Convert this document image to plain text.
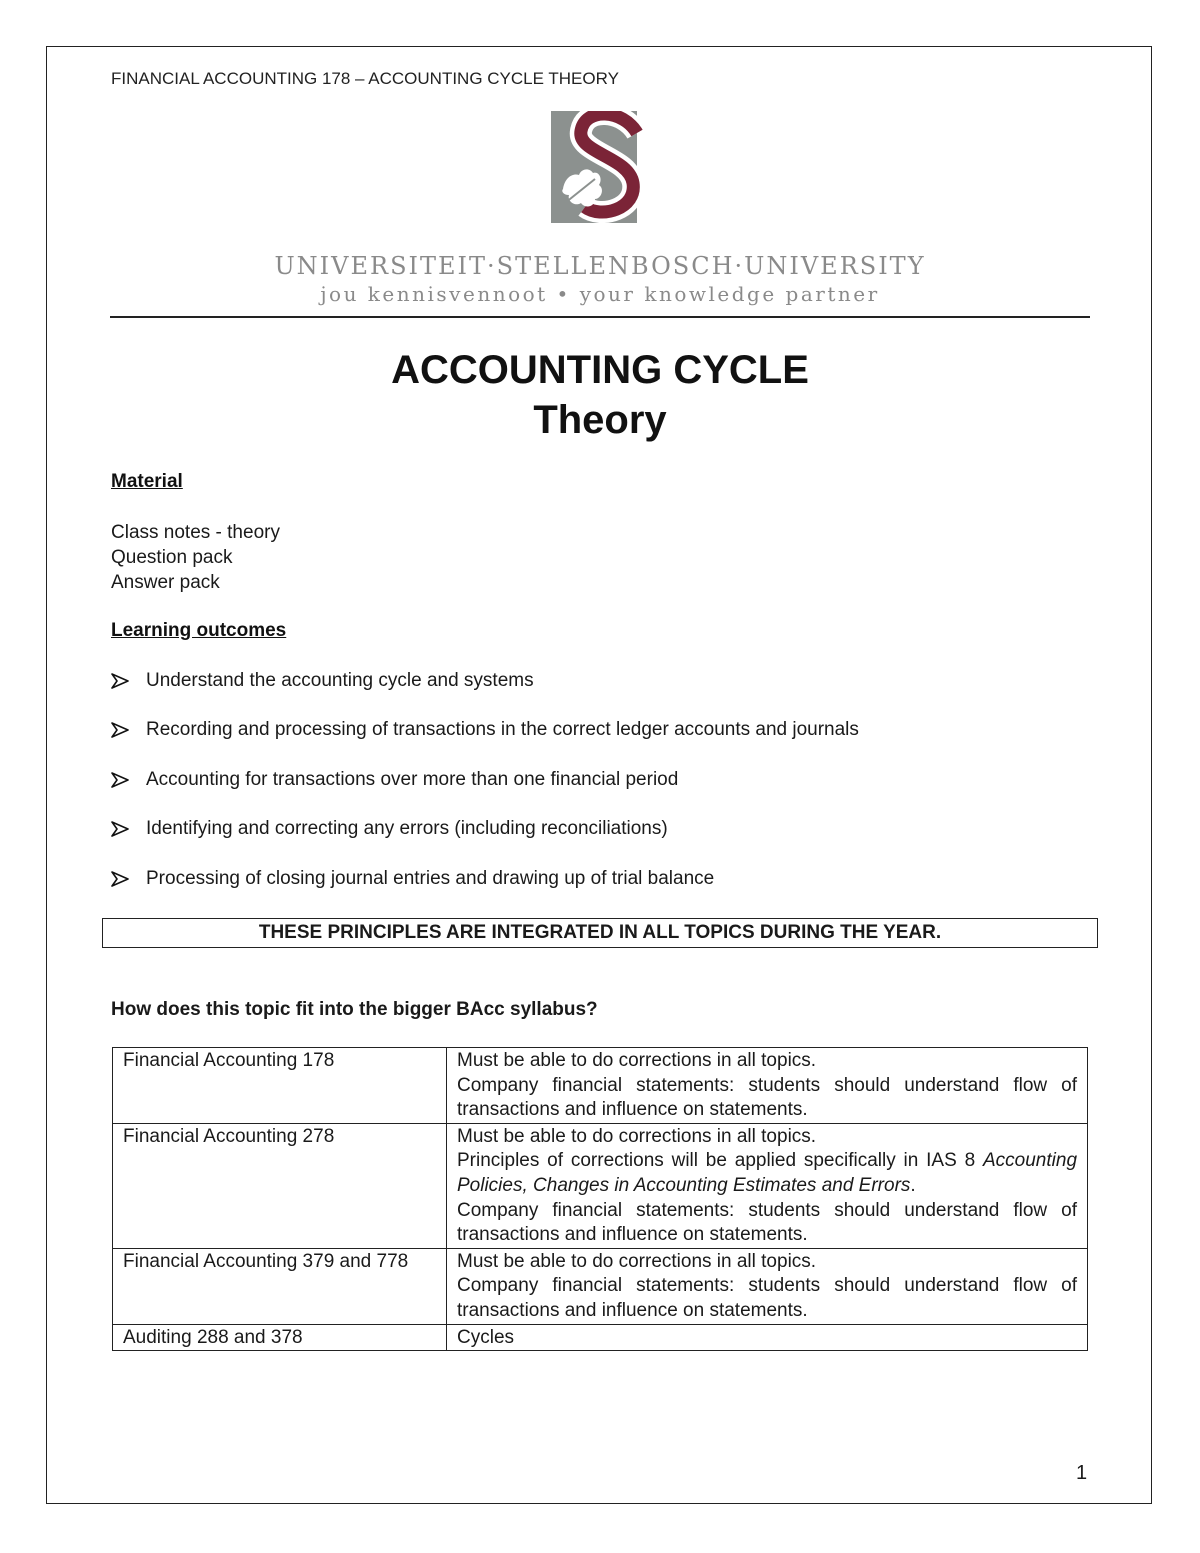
FINANCIAL ACCOUNTING 178 – ACCOUNTING CYCLE THEORY
UNIVERSITEIT·STELLENBOSCH·UNIVERSITY
jou kennisvennoot • your knowledge partner
ACCOUNTING CYCLE
Theory
Material
Class notes - theory
Question pack
Answer pack
Learning outcomes
Understand the accounting cycle and systems
Recording and processing of transactions in the correct ledger accounts and journals
Accounting for transactions over more than one financial period
Identifying and correcting any errors (including reconciliations)
Processing of closing journal entries and drawing up of trial balance
THESE PRINCIPLES ARE INTEGRATED IN ALL TOPICS DURING THE YEAR.
How does this topic fit into the bigger BAcc syllabus?
Financial Accounting 178	Must be able to do corrections in all topics.
Company financial statements: students should understand flow of transactions and influence on statements.

Financial Accounting 278	Must be able to do corrections in all topics.
Principles of corrections will be applied specifically in IAS 8 Accounting Policies, Changes in Accounting Estimates and Errors.
Company financial statements: students should understand flow of transactions and influence on statements.

Financial Accounting 379 and 778	Must be able to do corrections in all topics.
Company financial statements: students should understand flow of transactions and influence on statements.

Auditing 288 and 378	Cycles
1
